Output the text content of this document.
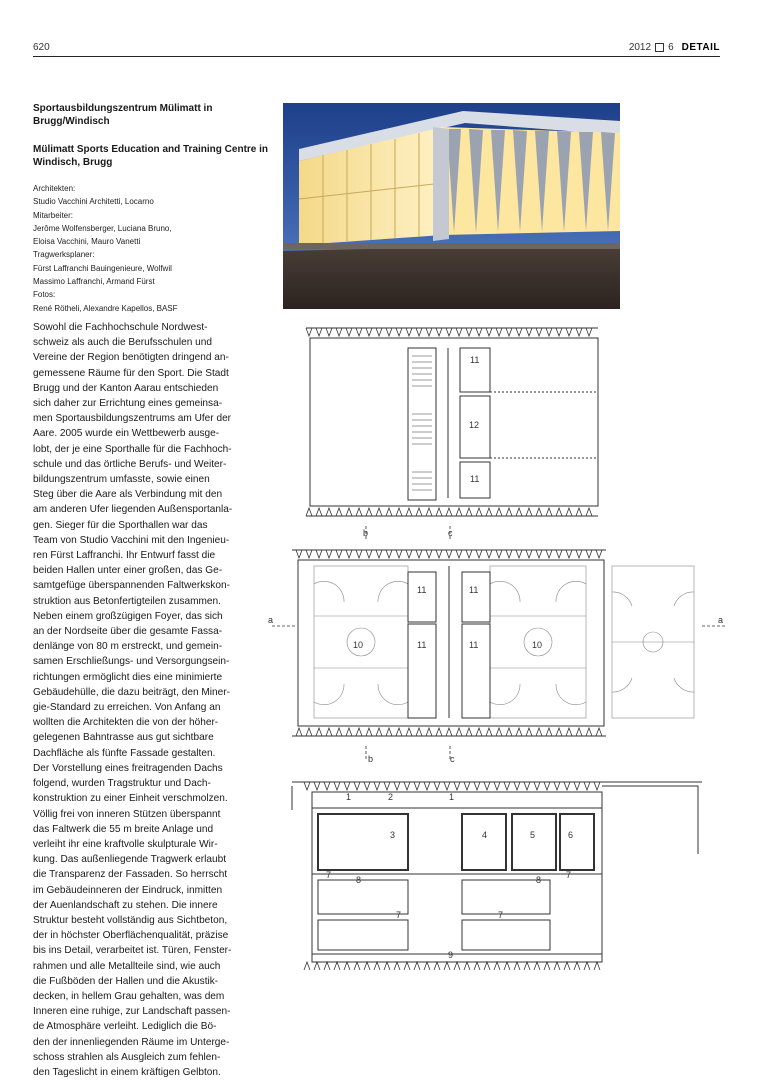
620	2012 6 DETAIL
Sportausbildungszentrum Mülimatt in Brugg/Windisch
Mülimatt Sports Education and Training Centre in Windisch, Brugg
Architekten:
Studio Vacchini Architetti, Locarno
Mitarbeiter:
Jerôme Wolfensberger, Luciana Bruno,
Eloisa Vacchini, Mauro Vanetti
Tragwerksplaner:
Fürst Laffranchi Bauingenieure, Wolfwil
Massimo Laffranchi, Armand Fürst
Fotos:
René Rötheli, Alexandre Kapellos, BASF
Sowohl die Fachhochschule Nordwest-
schweiz als auch die Berufsschulen und
Vereine der Region benötigten dringend an-
gemessene Räume für den Sport. Die Stadt
Brugg und der Kanton Aarau entschieden
sich daher zur Errichtung eines gemeinsa-
men Sportausbildungszentrums am Ufer der
Aare. 2005 wurde ein Wettbewerb ausge-
lobt, der je eine Sporthalle für die Fachhoch-
schule und das örtliche Berufs- und Weiter-
bildungszentrum umfasste, sowie einen
Steg über die Aare als Verbindung mit den
am anderen Ufer liegenden Außensportanla-
gen. Sieger für die Sporthallen war das
Team von Studio Vacchini mit den Ingenieu-
ren Fürst Laffranchi. Ihr Entwurf fasst die
beiden Hallen unter einer großen, das Ge-
samtgefüge überspannenden Faltwerkskon-
struktion aus Betonfertigteilen zusammen.
Neben einem großzügigen Foyer, das sich
an der Nordseite über die gesamte Fassa-
denlänge von 80 m erstreckt, und gemein-
samen Erschließungs- und Versorgungsein-
richtungen ermöglicht dies eine minimierte
Gebäudehülle, die dazu beiträgt, den Miner-
gie-Standard zu erreichen. Von Anfang an
wollten die Architekten die von der höher-
gelegenen Bahntrasse aus gut sichtbare
Dachfläche als fünfte Fassade gestalten.
Der Vorstellung eines freitragenden Dachs
folgend, wurden Tragstruktur und Dach-
konstruktion zu einer Einheit verschmolzen.
Völlig frei von inneren Stützen überspannt
das Faltwerk die 55 m breite Anlage und
verleiht ihr eine kraftvolle skulpturale Wir-
kung. Das außenliegende Tragwerk erlaubt
die Transparenz der Fassaden. So herrscht
im Gebäudeinneren der Eindruck, inmitten
der Auenlandschaft zu stehen. Die innere
Struktur besteht vollständig aus Sichtbeton,
der in höchster Oberflächenqualität, präzise
bis ins Detail, verarbeitet ist. Türen, Fenster-
rahmen und alle Metallteile sind, wie auch
die Fußböden der Hallen und die Akustik-
decken, in hellem Grau gehalten, was dem
Inneren eine ruhige, zur Landschaft passen-
de Atmosphäre verleiht. Lediglich die Bö-
den der innenliegenden Räume im Unterge-
schoss strahlen als Ausgleich zum fehlen-
den Tageslicht in einem kräftigen Gelbton.
11
12
11
b	c
11	11
10	11	11	10
a	a
b	c
1	2	1
3	4	5	6
7	8	8	7
7	7
9
